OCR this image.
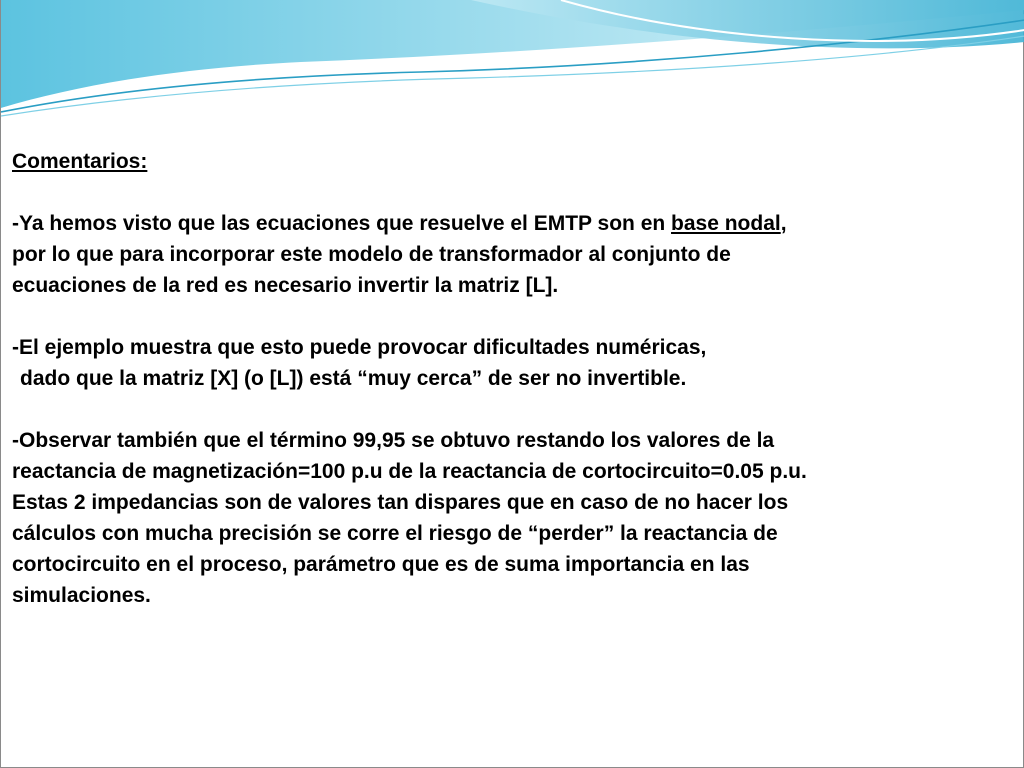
Comentarios:

-Ya hemos visto que las ecuaciones que resuelve el EMTP son en base nodal,
por lo que para incorporar este modelo de transformador al conjunto de
ecuaciones de la red es necesario invertir la matriz [L].

-El ejemplo muestra que esto puede provocar dificultades numéricas,
dado que la matriz [X] (o [L]) está “muy cerca” de ser no invertible.

-Observar también que el término 99,95 se obtuvo restando los valores de la
reactancia de magnetización=100 p.u de la reactancia de cortocircuito=0.05 p.u.
Estas 2 impedancias son de valores tan dispares que en caso de no hacer los
cálculos con mucha precisión se corre el riesgo de “perder” la reactancia de
cortocircuito en el proceso, parámetro que es de suma importancia en las
simulaciones.
